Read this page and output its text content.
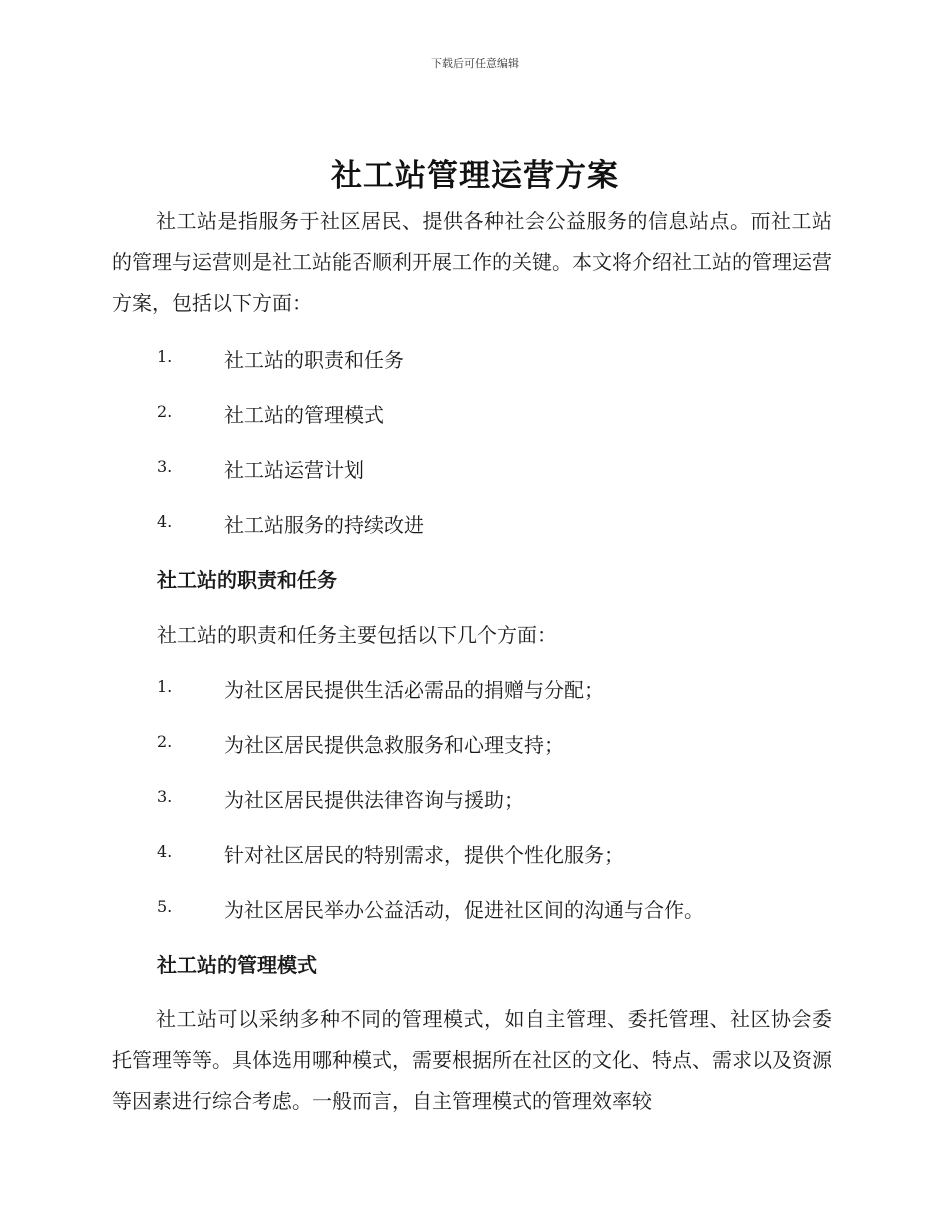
下载后可任意编辑
社工站管理运营方案

社工站是指服务于社区居民、提供各种社会公益服务的信息站点。而社工站的管理与运营则是社工站能否顺利开展工作的关键。本文将介绍社工站的管理运营方案，包括以下方面：

1.	社工站的职责和任务
2.	社工站的管理模式
3.	社工站运营计划
4.	社工站服务的持续改进
社工站的职责和任务
社工站的职责和任务主要包括以下几个方面：
1.	为社区居民提供生活必需品的捐赠与分配；
2.	为社区居民提供急救服务和心理支持；
3.	为社区居民提供法律咨询与援助；
4.	针对社区居民的特别需求，提供个性化服务；
5.	为社区居民举办公益活动，促进社区间的沟通与合作。
社工站的管理模式

社工站可以采纳多种不同的管理模式，如自主管理、委托管理、社区协会委托管理等等。具体选用哪种模式，需要根据所在社区的文化、特点、需求以及资源等因素进行综合考虑。一般而言，自主管理模式的管理效率较
